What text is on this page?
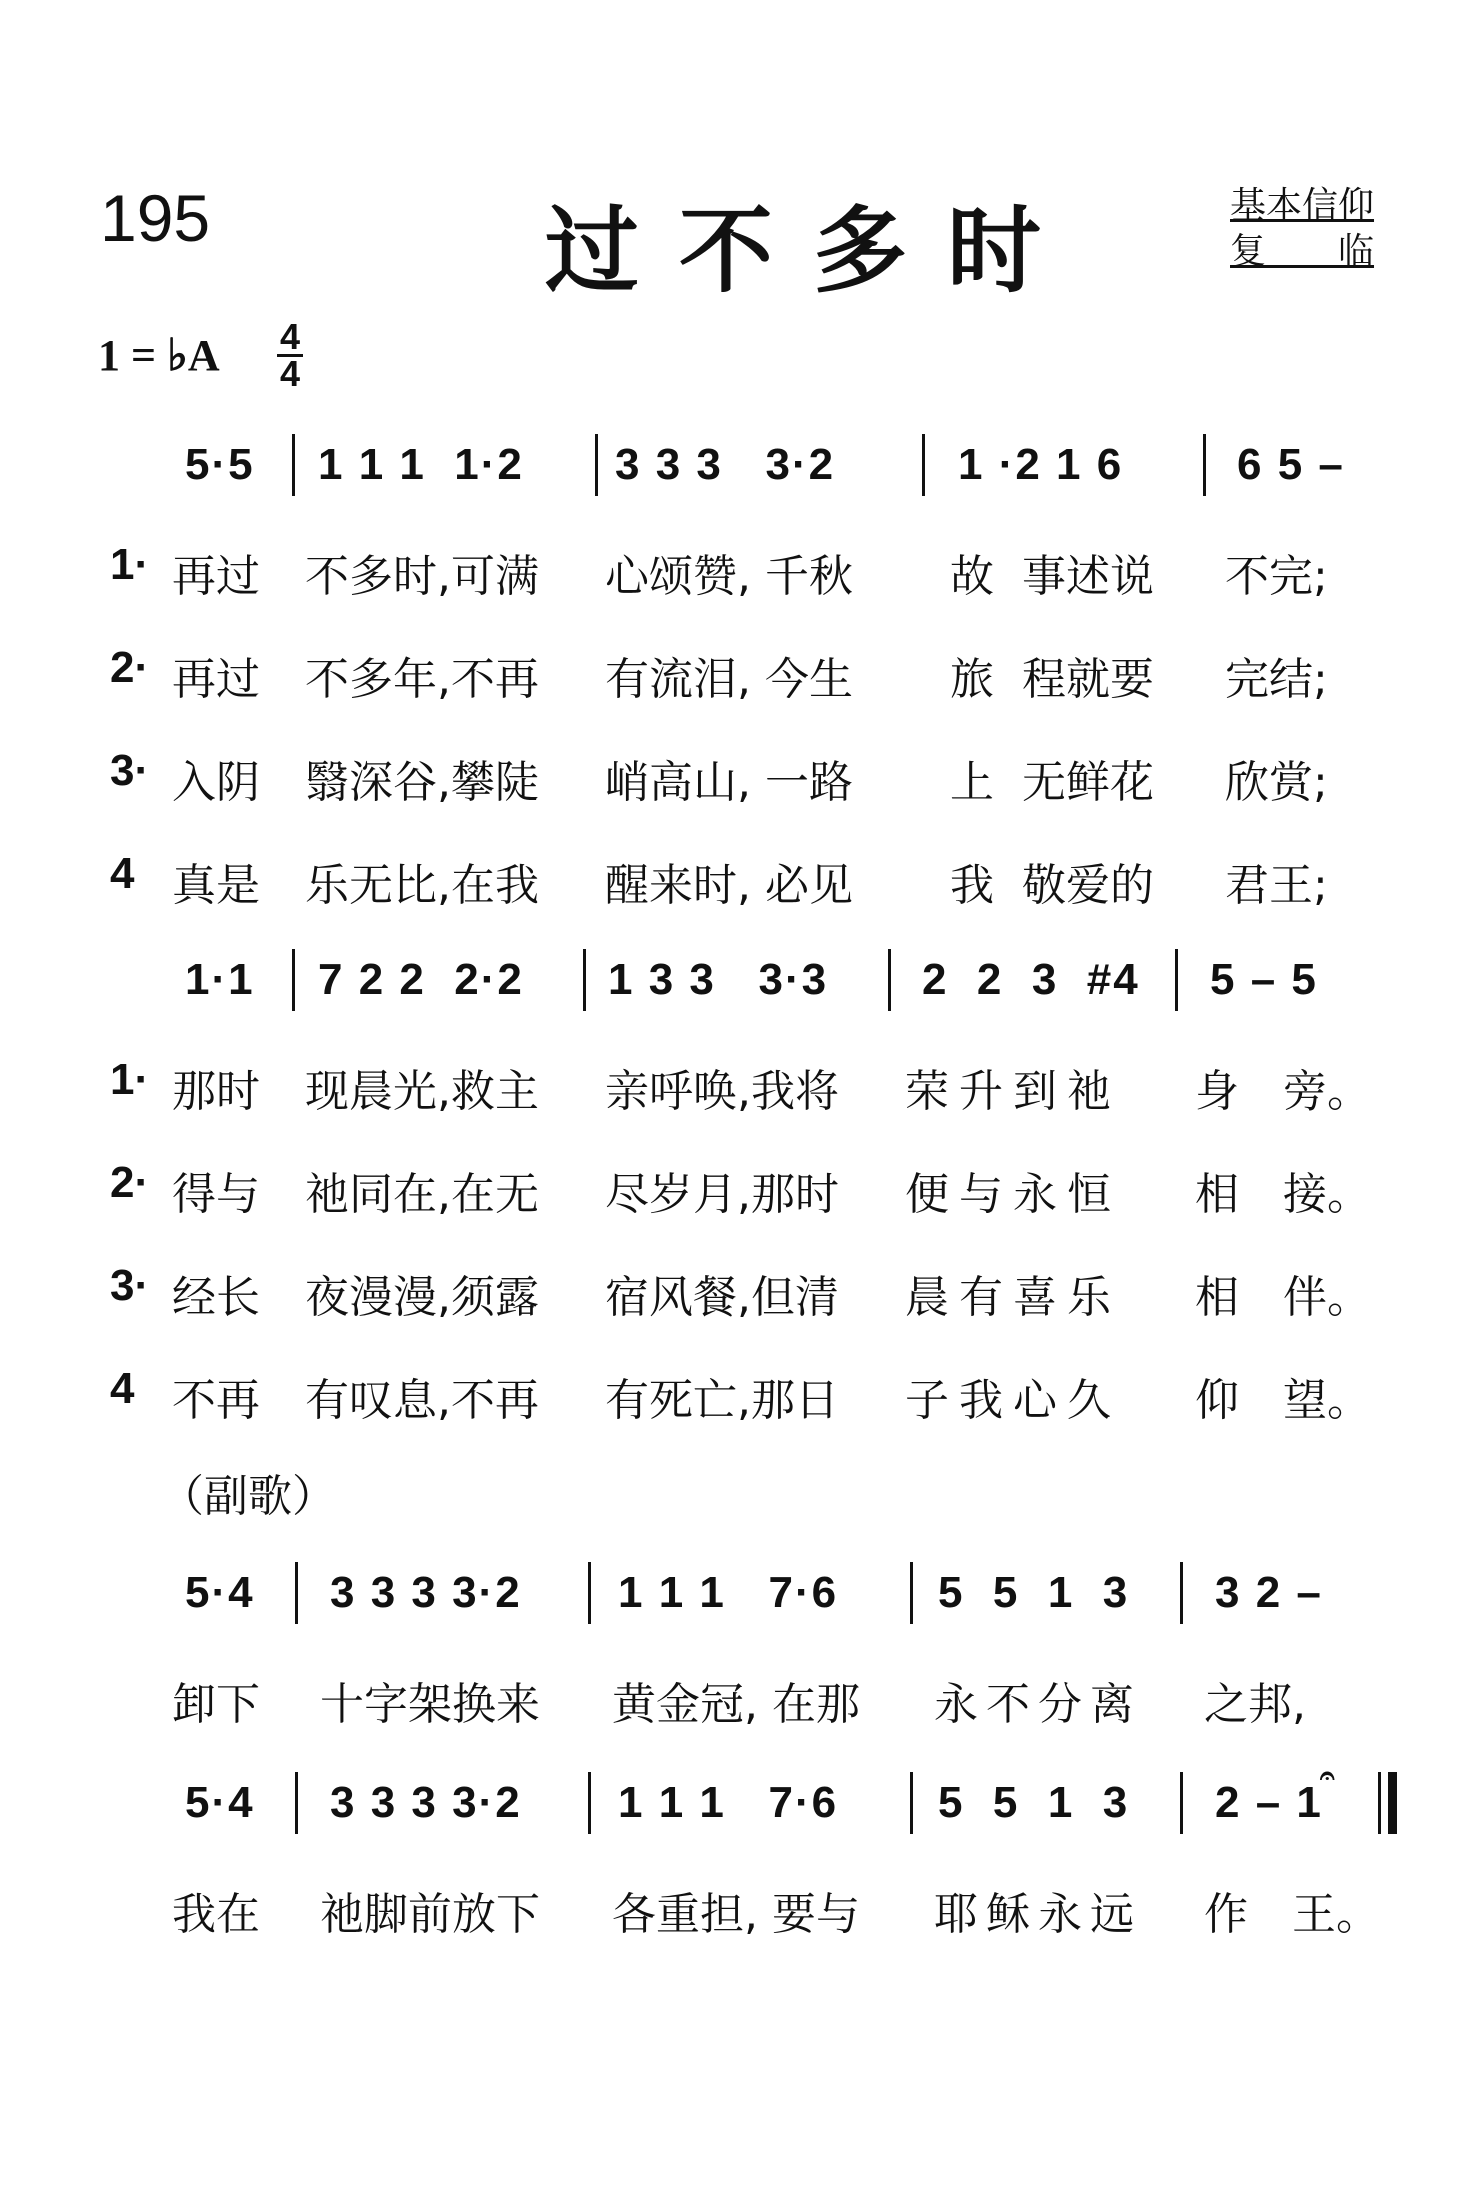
195	过不多时	基本信仰
复　　临
1 = ♭A 4
4
5·5 1 1 1  1·2 3 3 3   3·2	1 ·2 1 6	6 5 –
1· 再过 不多时,可满 心颂赞, 千秋 故  事述说 不完;
2· 再过 不多年,不再 有流泪, 今生 旅  程就要 完结;
3· 入阴 翳深谷,攀陡 峭高山, 一路 上  无鲜花 欣赏;
4 真是 乐无比,在我 醒来时, 必见 我  敬爱的 君王;
1·1 7 2 2  2·2 1 3 3   3·3 2  2  3  #4 5 – 5
1· 那时 现晨光,救主 亲呼唤,我将 荣升到祂 身　旁。
2· 得与 祂同在,在无 尽岁月,那时 便与永恒 相　接。
3· 经长 夜漫漫,须露 宿风餐,但清 晨有喜乐 相　伴。
4 不再 有叹息,不再 有死亡,那日 子我心久 仰　望。
（副歌）
5·4 3 3 3 3·2 1 1 1   7·6 5  5  1  3 3 2 –
卸下 十字架换来 黄金冠, 在那 永不分离 之邦,
5·4 3 3 3 3·2 1 1 1   7·6 5  5  1  3 2 – 1
𝄐
我在 祂脚前放下 各重担, 要与 耶稣永远 作　王。
